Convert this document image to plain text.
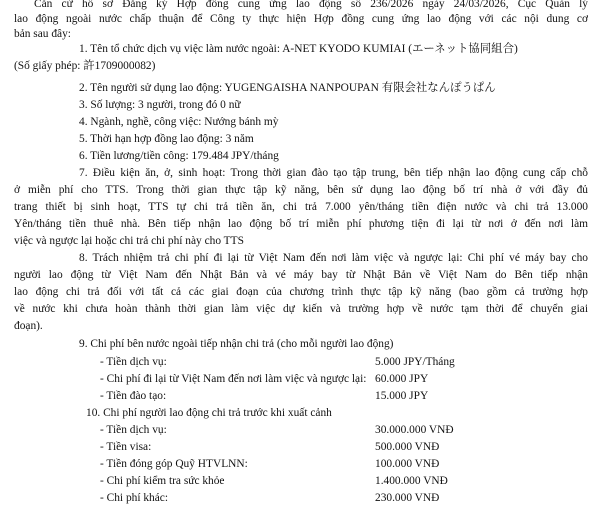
Căn cứ hồ sơ Đăng ký Hợp đồng cung ứng lao động số 236/2026 ngày 24/03/2026, Cục Quản lý
lao động ngoài nước chấp thuận để Công ty thực hiện Hợp đồng cung ứng lao động với các nội dung cơ
bản sau đây:
1. Tên tổ chức dịch vụ việc làm nước ngoài: A-NET KYODO KUMIAI (エーネット協同組合)
(Số giấy phép: 許1709000082)
2. Tên người sử dụng lao động: YUGENGAISHA NANPOUPAN 有限会社なんぽうぱん
3. Số lượng: 3 người, trong đó 0 nữ
4. Ngành, nghề, công việc: Nướng bánh mỳ
5. Thời hạn hợp đồng lao động: 3 năm
6. Tiền lương/tiền công: 179.484 JPY/tháng
7. Điều kiện ăn, ở, sinh hoạt: Trong thời gian đào tạo tập trung, bên tiếp nhận lao động cung cấp chỗ
ở miễn phí cho TTS. Trong thời gian thực tập kỹ năng, bên sử dụng lao động bố trí nhà ở với đầy đủ
trang thiết bị sinh hoạt, TTS tự chi trả tiền ăn, chi trả 7.000 yên/tháng tiền điện nước và chi trả 13.000
Yên/tháng tiền thuê nhà. Bên tiếp nhận lao động bố trí miễn phí phương tiện đi lại từ nơi ở đến nơi làm
việc và ngược lại hoặc chi trả chi phí này cho TTS
8. Trách nhiệm trả chi phí đi lại từ Việt Nam đến nơi làm việc và ngược lại: Chi phí vé máy bay cho
người lao động từ Việt Nam đến Nhật Bản và vé máy bay từ Nhật Bản về Việt Nam do Bên tiếp nhận
lao động chi trả đối với tất cả các giai đoạn của chương trình thực tập kỹ năng (bao gồm cả trường hợp
về nước khi chưa hoàn thành thời gian làm việc dự kiến và trường hợp về nước tạm thời để chuyển giai
đoạn).
9. Chi phí bên nước ngoài tiếp nhận chi trả (cho mỗi người lao động)
- Tiền dịch vụ:	5.000 JPY/Tháng
- Chi phí đi lại từ Việt Nam đến nơi làm việc và ngược lại: 60.000 JPY
- Tiền đào tạo:	15.000 JPY
10. Chi phí người lao động chi trả trước khi xuất cảnh
- Tiền dịch vụ:	30.000.000 VNĐ
- Tiền visa:	500.000 VNĐ
- Tiền đóng góp Quỹ HTVLNN:	100.000 VNĐ
- Chi phí kiểm tra sức khỏe	1.400.000 VNĐ
- Chi phí khác:	230.000 VNĐ
